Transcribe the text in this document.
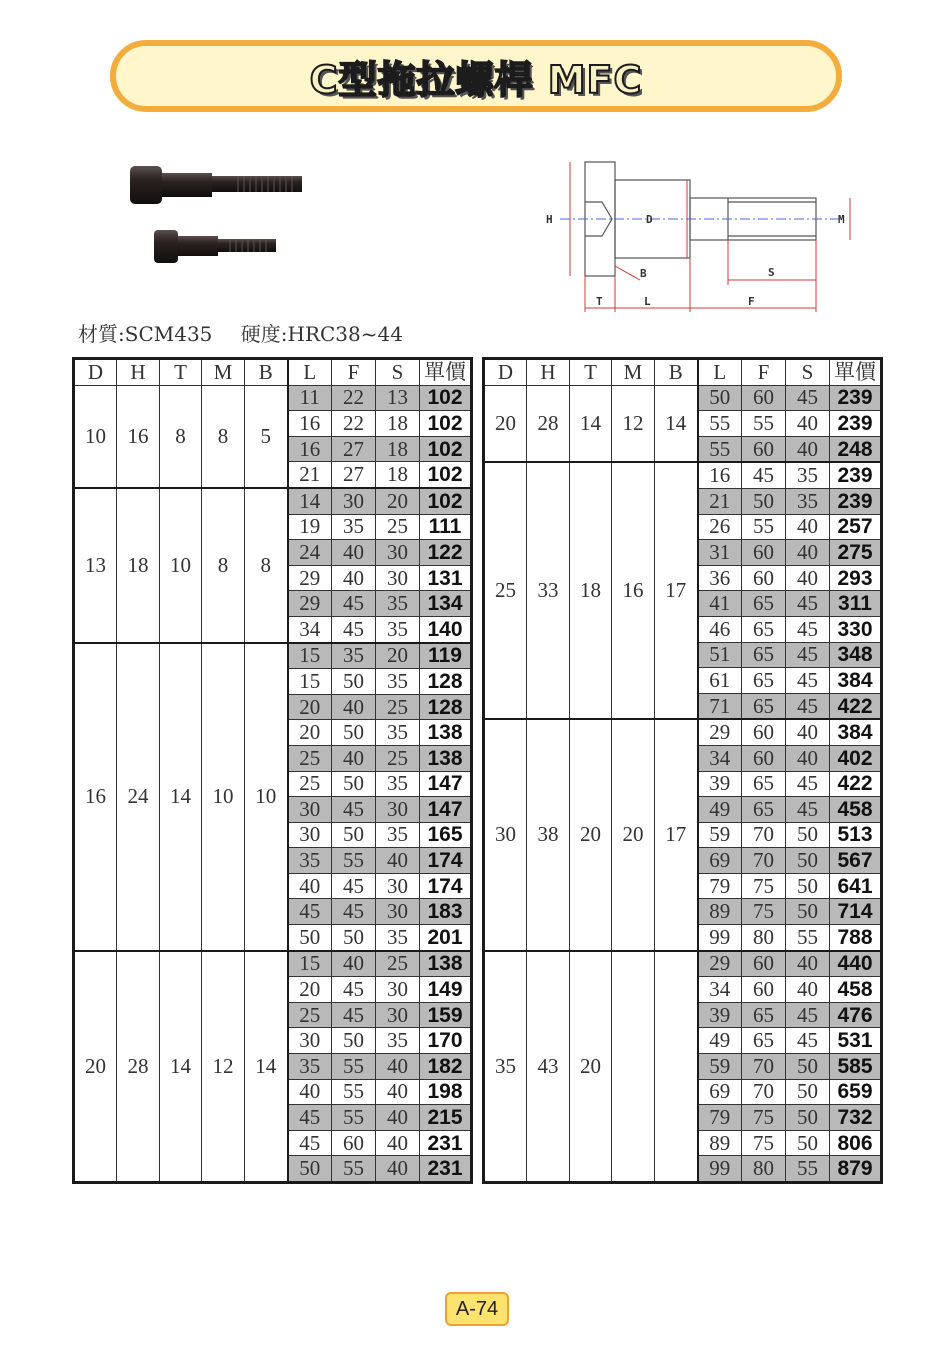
C型拖拉螺桿 MFC
H	D	M
B	S
T	L	F
材質:SCM435 硬度:HRC38~44
D	H	T	M	B	L	F	S	單價
10	16	8	8	5	11	22	13	102
					16	22	18	102
					16	27	18	102
					21	27	18	102
13	18	10	8	8	14	30	20	102
					19	35	25	111
					24	40	30	122
					29	40	30	131
					29	45	35	134
					34	45	35	140
16	24	14	10	10	15	35	20	119
					15	50	35	128
					20	40	25	128
					20	50	35	138
					25	40	25	138
					25	50	35	147
					30	45	30	147
					30	50	35	165
					35	55	40	174
					40	45	30	174
					45	45	30	183
					50	50	35	201
20	28	14	12	14	15	40	25	138
					20	45	30	149
					25	45	30	159
					30	50	35	170
					35	55	40	182
					40	55	40	198
					45	55	40	215
					45	60	40	231
					50	55	40	231
D	H	T	M	B	L	F	S	單價
20	28	14	12	14	50	60	45	239
					55	55	40	239
					55	60	40	248
25	33	18	16	17	16	45	35	239
					21	50	35	239
					26	55	40	257
					31	60	40	275
					36	60	40	293
					41	65	45	311
					46	65	45	330
					51	65	45	348
					61	65	45	384
					71	65	45	422
30	38	20	20	17	29	60	40	384
					34	60	40	402
					39	65	45	422
					49	65	45	458
					59	70	50	513
					69	70	50	567
					79	75	50	641
					89	75	50	714
					99	80	55	788
35	43	20			29	60	40	440
					34	60	40	458
					39	65	45	476
					49	65	45	531
					59	70	50	585
					69	70	50	659
					79	75	50	732
					89	75	50	806
					99	80	55	879
A-74
